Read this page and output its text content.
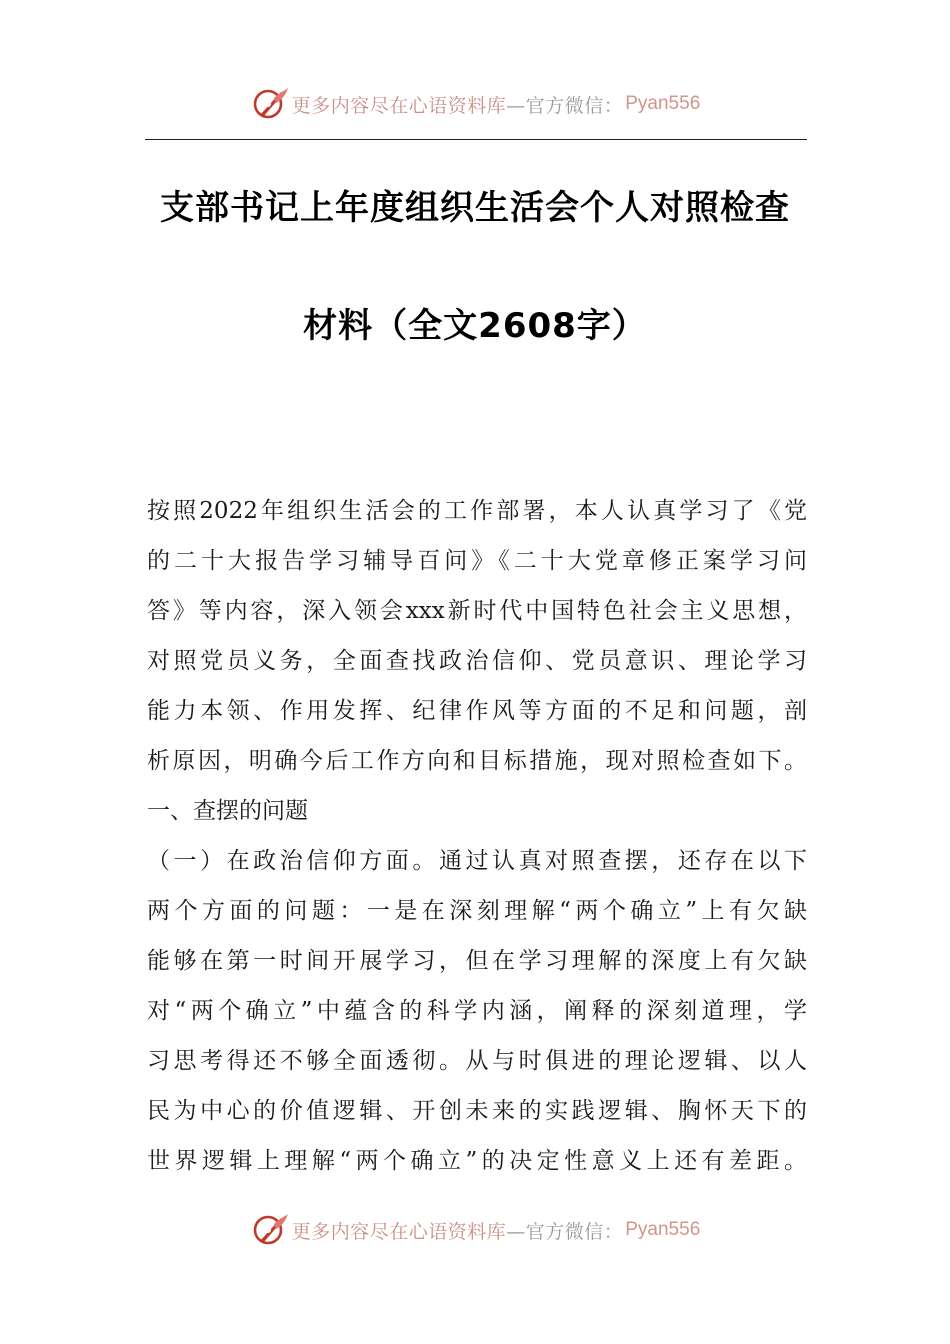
更多内容尽在心语资料库—官方微信： Pyan556
支部书记上年度组织生活会个人对照检查
材料（全文2608字）
按照2022年组织生活会的工作部署，本人认真学习了《党
的二十大报告学习辅导百问》《二十大党章修正案学习问
答》等内容，深入领会xxx新时代中国特色社会主义思想，
对照党员义务，全面查找政治信仰、党员意识、理论学习
能力本领、作用发挥、纪律作风等方面的不足和问题，剖
析原因，明确今后工作方向和目标措施，现对照检查如下。
一、查摆的问题
（一）在政治信仰方面。通过认真对照查摆，还存在以下
两个方面的问题：一是在深刻理解“两个确立”上有欠缺
能够在第一时间开展学习，但在学习理解的深度上有欠缺
对“两个确立”中蕴含的科学内涵，阐释的深刻道理，学
习思考得还不够全面透彻。从与时俱进的理论逻辑、以人
民为中心的价值逻辑、开创未来的实践逻辑、胸怀天下的
世界逻辑上理解“两个确立”的决定性意义上还有差距。
更多内容尽在心语资料库—官方微信： Pyan556
